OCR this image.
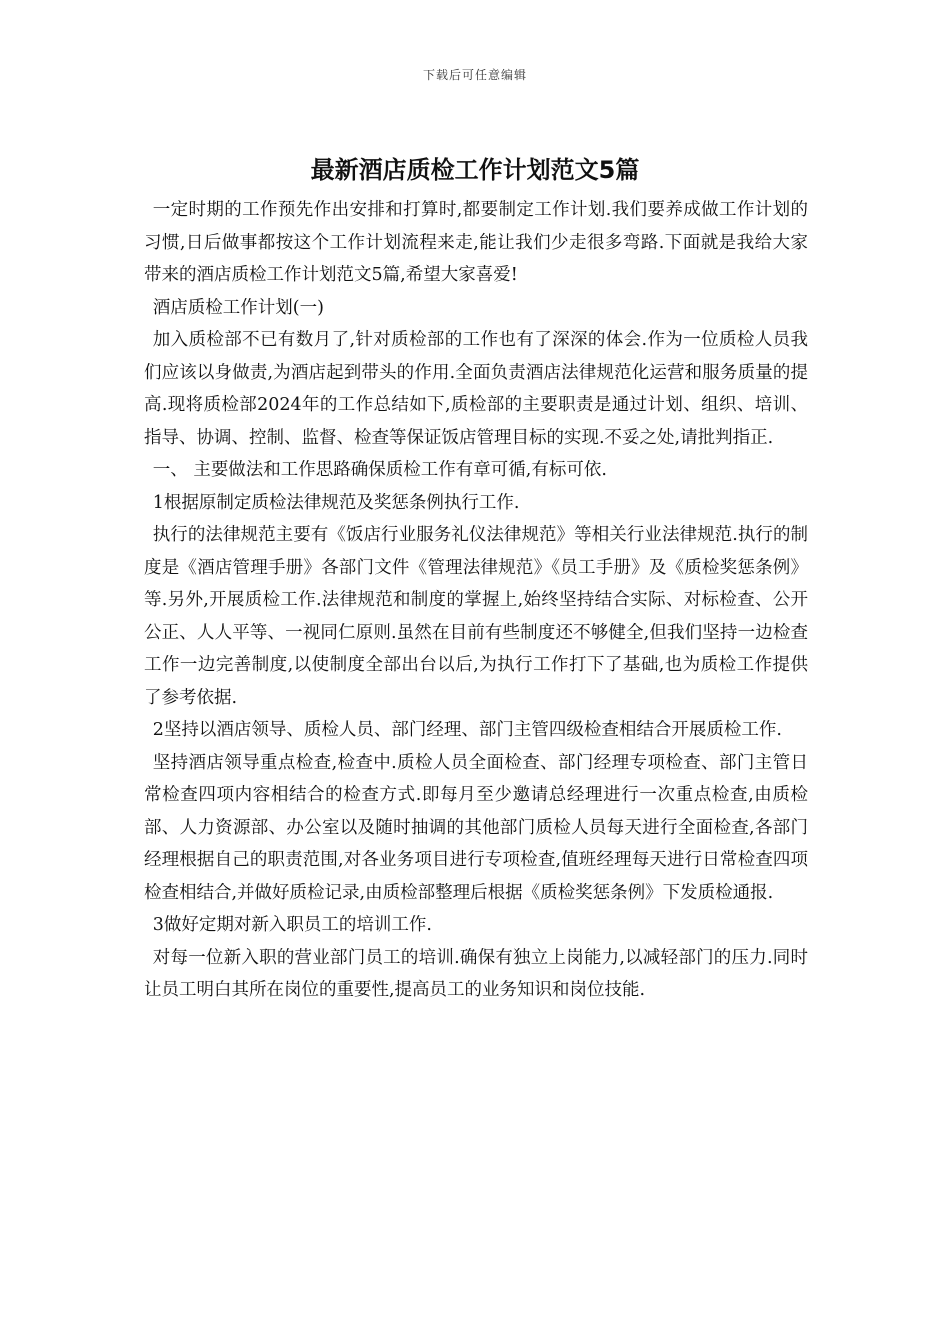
下载后可任意编辑
最新酒店质检工作计划范文5篇

一定时期的工作预先作出安排和打算时,都要制定工作计划.我们要养成做工作计划的习惯,日后做事都按这个工作计划流程来走,能让我们少走很多弯路.下面就是我给大家带来的酒店质检工作计划范文5篇,希望大家喜爱!

酒店质检工作计划(一)

加入质检部不已有数月了,针对质检部的工作也有了深深的体会.作为一位质检人员我们应该以身做责,为酒店起到带头的作用.全面负责酒店法律规范化运营和服务质量的提高.现将质检部2024年的工作总结如下,质检部的主要职责是通过计划、组织、培训、指导、协调、控制、监督、检查等保证饭店管理目标的实现.不妥之处,请批判指正.

一、 主要做法和工作思路确保质检工作有章可循,有标可依.

1根据原制定质检法律规范及奖惩条例执行工作.

执行的法律规范主要有《饭店行业服务礼仪法律规范》等相关行业法律规范.执行的制度是《酒店管理手册》各部门文件《管理法律规范》《员工手册》及《质检奖惩条例》等.另外,开展质检工作.法律规范和制度的掌握上,始终坚持结合实际、对标检查、公开公正、人人平等、一视同仁原则.虽然在目前有些制度还不够健全,但我们坚持一边检查工作一边完善制度,以使制度全部出台以后,为执行工作打下了基础,也为质检工作提供了参考依据.

2坚持以酒店领导、质检人员、部门经理、部门主管四级检查相结合开展质检工作.

坚持酒店领导重点检查,检查中.质检人员全面检查、部门经理专项检查、部门主管日常检查四项内容相结合的检查方式.即每月至少邀请总经理进行一次重点检查,由质检部、人力资源部、办公室以及随时抽调的其他部门质检人员每天进行全面检查,各部门经理根据自己的职责范围,对各业务项目进行专项检查,值班经理每天进行日常检查四项检查相结合,并做好质检记录,由质检部整理后根据《质检奖惩条例》下发质检通报.

3做好定期对新入职员工的培训工作.

对每一位新入职的营业部门员工的培训.确保有独立上岗能力,以减轻部门的压力.同时让员工明白其所在岗位的重要性,提高员工的业务知识和岗位技能.
